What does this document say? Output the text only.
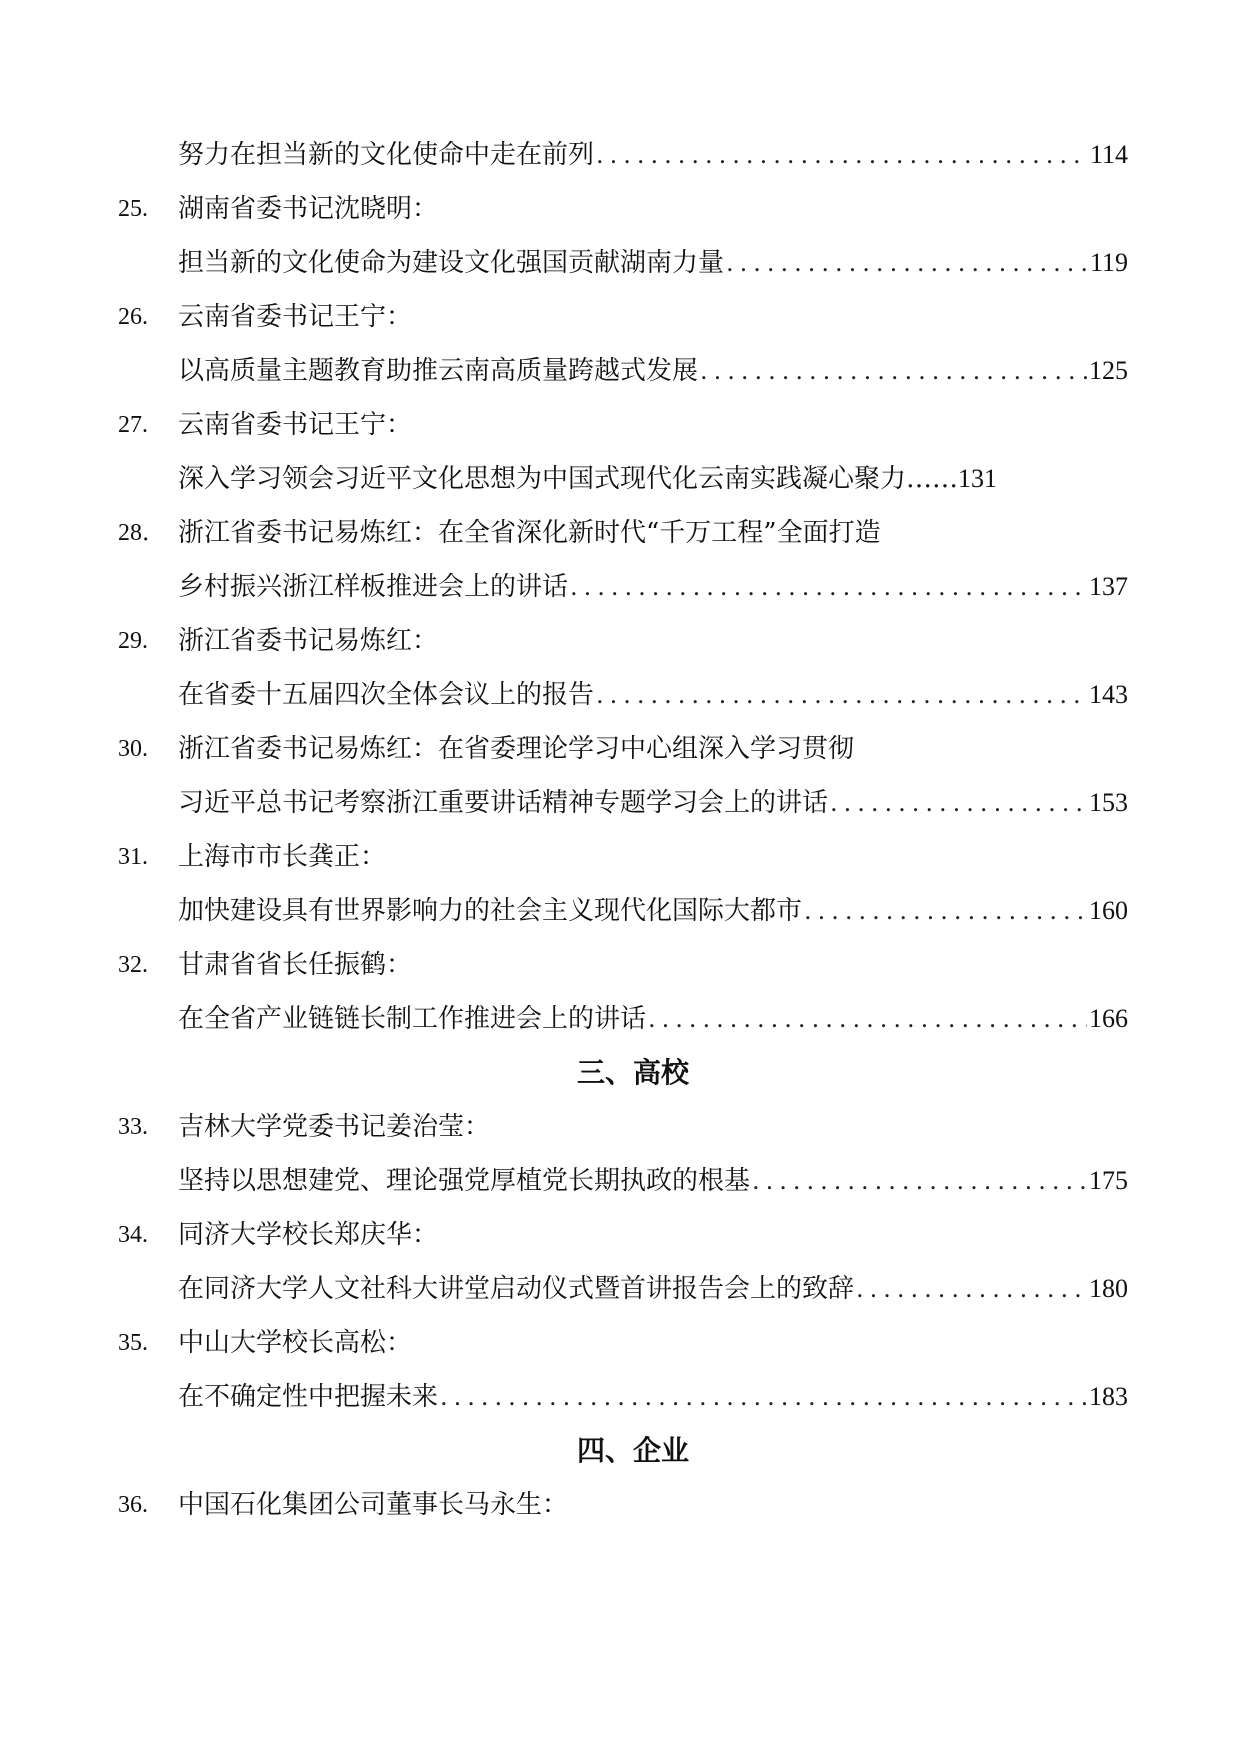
努力在担当新的文化使命中走在前列 .....	114
25.	湖南省委书记沈晓明：
担当新的文化使命为建设文化强国贡献湖南力量 .....	119
26.	云南省委书记王宁：
以高质量主题教育助推云南高质量跨越式发展 .....	125
27.	云南省委书记王宁：
深入学习领会习近平文化思想为中国式现代化云南实践凝心聚力…… 131
28． 浙江省委书记易炼红：在全省深化新时代“千万工程”全面打造
乡村振兴浙江样板推进会上的讲话 .....	137
29.	浙江省委书记易炼红：
在省委十五届四次全体会议上的报告 .....	143
30.	浙江省委书记易炼红：在省委理论学习中心组深入学习贯彻
习近平总书记考察浙江重要讲话精神专题学习会上的讲话 .....	153
31.	上海市市长龚正：
加快建设具有世界影响力的社会主义现代化国际大都市 .....	160
32.	甘肃省省长任振鹤：
在全省产业链链长制工作推进会上的讲话 .....	166
三、高校
33.	吉林大学党委书记姜治莹：
坚持以思想建党、理论强党厚植党长期执政的根基 .....	175
34.	同济大学校长郑庆华：
在同济大学人文社科大讲堂启动仪式暨首讲报告会上的致辞 .....	180
35.	中山大学校长高松：
在不确定性中把握未来 .....	183
四、企业
36.	中国石化集团公司董事长马永生：
